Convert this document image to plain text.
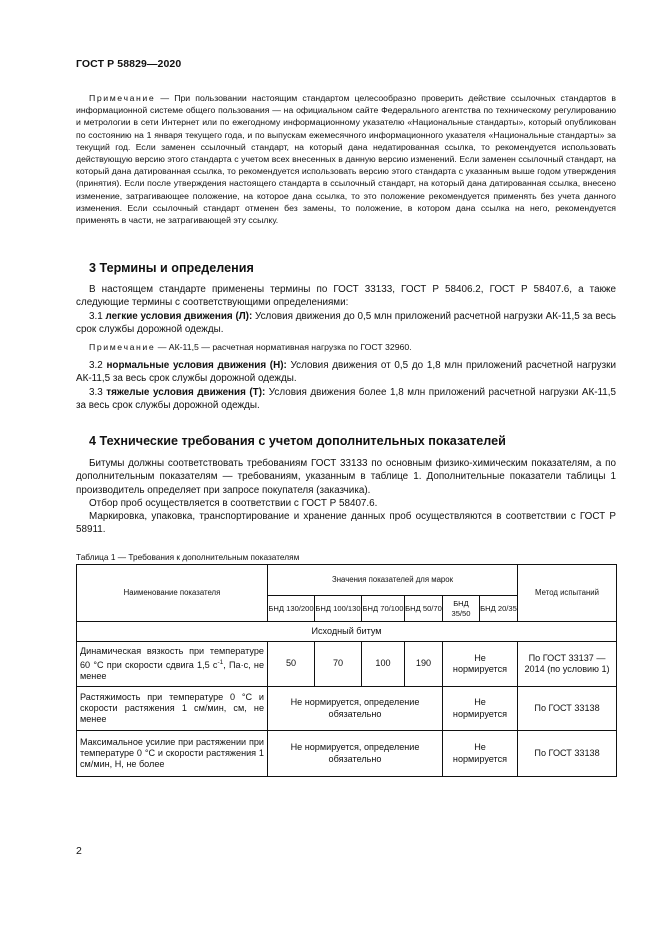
ГОСТ Р 58829—2020
Примечание — При пользовании настоящим стандартом целесообразно проверить действие ссылочных стандартов в информационной системе общего пользования — на официальном сайте Федерального агентства по техническому регулированию и метрологии в сети Интернет или по ежегодному информационному указателю «Национальные стандарты», который опубликован по состоянию на 1 января текущего года, и по выпускам ежемесячного информационного указателя «Национальные стандарты» за текущий год. Если заменен ссылочный стандарт, на который дана недатированная ссылка, то рекомендуется использовать действующую версию этого стандарта с учетом всех внесенных в данную версию изменений. Если заменен ссылочный стандарт, на который дана датированная ссылка, то рекомендуется использовать версию этого стандарта с указанным выше годом утверждения (принятия). Если после утверждения настоящего стандарта в ссылочный стандарт, на который дана датированная ссылка, внесено изменение, затрагивающее положение, на которое дана ссылка, то это положение рекомендуется применять без учета данного изменения. Если ссылочный стандарт отменен без замены, то положение, в котором дана ссылка на него, рекомендуется применять в части, не затрагивающей эту ссылку.
3 Термины и определения
В настоящем стандарте применены термины по ГОСТ 33133, ГОСТ Р 58406.2, ГОСТ Р 58407.6, а также следующие термины с соответствующими определениями:
3.1 легкие условия движения (Л): Условия движения до 0,5 млн приложений расчетной нагрузки АК-11,5 за весь срок службы дорожной одежды.
Примечание — АК-11,5 — расчетная нормативная нагрузка по ГОСТ 32960.
3.2 нормальные условия движения (Н): Условия движения от 0,5 до 1,8 млн приложений расчетной нагрузки АК-11,5 за весь срок службы дорожной одежды.
3.3 тяжелые условия движения (Т): Условия движения более 1,8 млн приложений расчетной нагрузки АК-11,5 за весь срок службы дорожной одежды.
4 Технические требования с учетом дополнительных показателей
Битумы должны соответствовать требованиям ГОСТ 33133 по основным физико-химическим показателям, а по дополнительным показателям — требованиям, указанным в таблице 1. Дополнительные показатели таблицы 1 производитель определяет при запросе покупателя (заказчика).
Отбор проб осуществляется в соответствии с ГОСТ Р 58407.6.
Маркировка, упаковка, транспортирование и хранение данных проб осуществляются в соответствии с ГОСТ Р 58911.
Таблица 1 — Требования к дополнительным показателям
Наименование показателя	Значения показателей для марок						Метод испытаний
	БНД 130/200	БНД 100/130	БНД 70/100	БНД 50/70	БНД 35/50	БНД 20/35	
Исходный битум							
Динамическая вязкость при температуре 60 °С при скорости сдвига 1,5 $с^{-1}$, Па·с, не менее	50	70	100	190	Не нормируется		По ГОСТ 33137 — 2014 (по условию 1)
Растяжимость при температуре 0 °С и скорости растяжения 1 см/мин, см, не менее	Не нормируется, определение обязательно				Не нормируется		По ГОСТ 33138
Максимальное усилие при растяжении при температуре 0 °С и скорости растяжения 1 см/мин, Н, не более	Не нормируется, определение обязательно				Не нормируется		По ГОСТ 33138
2
